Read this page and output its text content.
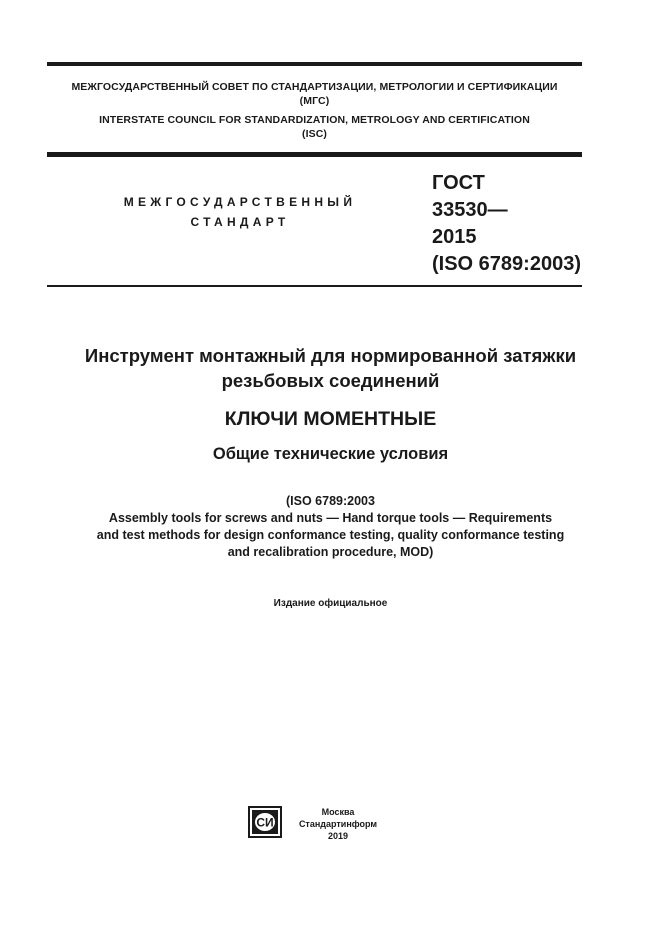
МЕЖГОСУДАРСТВЕННЫЙ СОВЕТ ПО СТАНДАРТИЗАЦИИ, МЕТРОЛОГИИ И СЕРТИФИКАЦИИ
(МГС)
INTERSTATE COUNCIL FOR STANDARDIZATION, METROLOGY AND CERTIFICATION
(ISC)
МЕЖГОСУДАРСТВЕННЫЙ
СТАНДАРТ
ГОСТ
33530—
2015
(ISO 6789:2003)
Инструмент монтажный для нормированной затяжки
резьбовых соединений
КЛЮЧИ МОМЕНТНЫЕ
Общие технические условия
(ISO 6789:2003
Assembly tools for screws and nuts — Hand torque tools — Requirements
and test methods for design conformance testing, quality conformance testing
and recalibration procedure, MOD)
Издание официальное
СИ
Москва
Стандартинформ
2019
